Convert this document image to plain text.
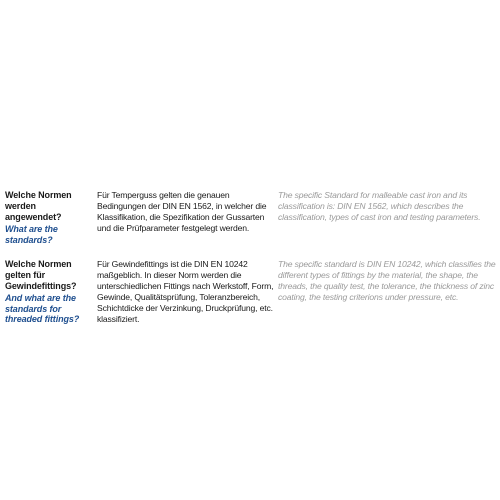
Welche Normen werden angewendet?
What are the standards?
Für Temperguss gelten die genauen Bedingungen der DIN EN 1562, in welcher die Klassifikation, die Spezifikation der Gussarten und die Prüfparameter festgelegt werden.
The specific Standard for malleable cast iron and its classification is: DIN EN 1562, which describes the classification, types of cast iron and testing parameters.
Welche Normen gelten für Gewindefittings?
And what are the standards for threaded fittings?
Für Gewindefittings ist die DIN EN 10242 maßgeblich. In dieser Norm werden die unterschiedlichen Fittings nach Werkstoff, Form, Gewinde, Qualitätsprüfung, Toleranzbereich, Schichtdicke der Verzinkung, Druckprüfung, etc. klassifiziert.
The specific standard is DIN EN 10242, which classifies the different types of fittings by the material, the shape, the threads, the quality test, the tolerance, the thickness of zinc coating, the testing criterions under pressure, etc.
